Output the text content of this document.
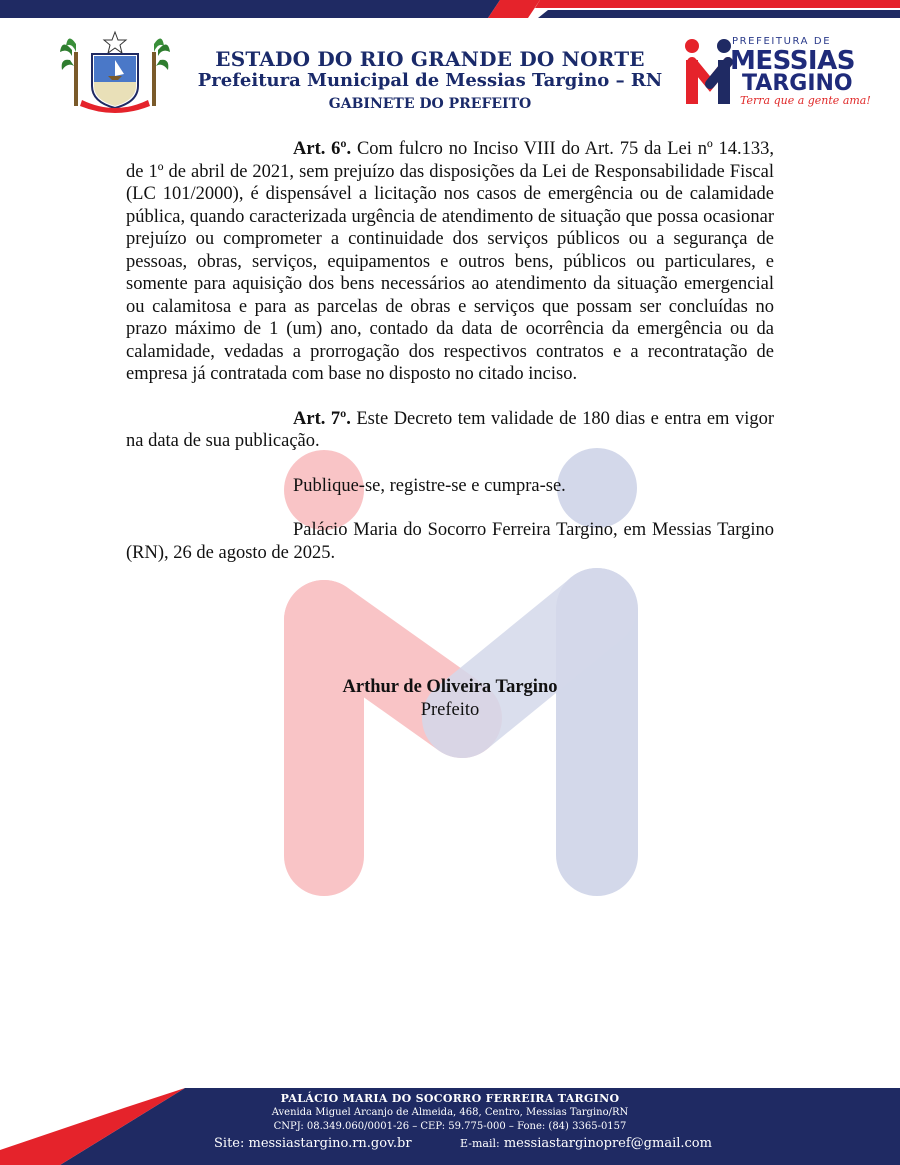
ESTADO DO RIO GRANDE DO NORTE
Prefeitura Municipal de Messias Targino – RN
GABINETE DO PREFEITO
PREFEITURA DE
MESSIAS
TARGINO
Terra que a gente ama!

Art. 6º. Com fulcro no Inciso VIII do Art. 75 da Lei nº 14.133, de 1º de abril de 2021, sem prejuízo das disposições da Lei de Responsabilidade Fiscal (LC 101/2000), é dispensável a licitação nos casos de emergência ou de calamidade pública, quando caracterizada urgência de atendimento de situação que possa ocasionar prejuízo ou comprometer a continuidade dos serviços públicos ou a segurança de pessoas, obras, serviços, equipamentos e outros bens, públicos ou particulares, e somente para aquisição dos bens necessários ao atendimento da situação emergencial ou calamitosa e para as parcelas de obras e serviços que possam ser concluídas no prazo máximo de 1 (um) ano, contado da data de ocorrência da emergência ou da calamidade, vedadas a prorrogação dos respectivos contratos e a recontratação de empresa já contratada com base no disposto no citado inciso.

Art. 7º. Este Decreto tem validade de 180 dias e entra em vigor na data de sua publicação.

Publique-se, registre-se e cumpra-se.

Palácio Maria do Socorro Ferreira Targino, em Messias Targino (RN), 26 de agosto de 2025.

Arthur de Oliveira Targino
Prefeito
PALÁCIO MARIA DO SOCORRO FERREIRA TARGINO
Avenida Miguel Arcanjo de Almeida, 468, Centro, Messias Targino/RN
CNPJ: 08.349.060/0001-26 – CEP: 59.775-000 – Fone: (84) 3365-0157
Site: messiastargino.rn.gov.br	E-mail: messiastarginopref@gmail.com
